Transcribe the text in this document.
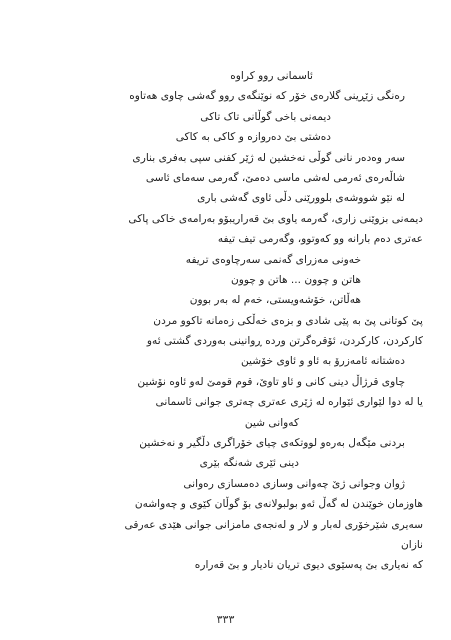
ئاسمانی روو کراوە
رەنگی زێڕینی گلارەی خۆر کە نوێنگەی روو گەشی چاوی هەتاوە
دیمەنی باخی گوڵانی تاک تاکی
دەشتی بێ دەروازە و کاکی بە کاکی
سەر وەدەر نانی گوڵی نەخشین لە ژێر کفنی سپی بەفری بناری
شاڵەرەی ئەرمی لەشی ماسی دەمێ، گەرمی سەمای ئاسی
لە نێو شووشەی بلوورێنی دڵی ئاوی گەشی باری
دیمەنی بزوێنی زاری، گەرمە یاوی بێ قەراریبۆو بەرامەی خاکی پاکی
عەتری دەم بارانە وو کەوتوو، وگەرمی تیف تیفە
خەونی مەزرای گەنمی سەرچاوەی تریفە
هاتن و چوون ... هاتن و چوون
هەڵاتن، خۆشەویستی، خەم لە بەر بوون
پێ کوتانی پێ بە پێی شادی و بزەی خەڵکی زەمانە تاکوو مردن
کارکردن، کارکردن، ئۆقرەگرتن وردە ڕوانینی بەوردی گشتی ئەو
دەشتانە ئامەزرۆ بە ئاو و ئاوی خۆشین
چاوی قرژاڵ دینی کانی و ئاو تاوێ، قوم قومێ لەو ئاوە نۆشین
یا لە دوا لێواری ئێوارە لە ژێری عەتری چەتری جوانی ئاسمانی
کەوانی شین
بردنی مێگەل بەرەو لووتکەی چیای خۆراگری دڵگیر و نەخشین
دینی ئێری شەنگە بێری
ژوان وجوانی ژێ چەوانی وسازی دەمسازی رەوانی
هاوزمان خوێندن لە گەڵ ئەو بولبولانەی بۆ گوڵان کێوی و چەواشەن
سەیری شێرخۆری لەبار و لار و لەنجەی مامزانی جوانی هێدی عەرقی
نازان
کە نەیاری بێ پەسێوی دیوی تریان نادیار و بێ قەرارە
٣٣٣
